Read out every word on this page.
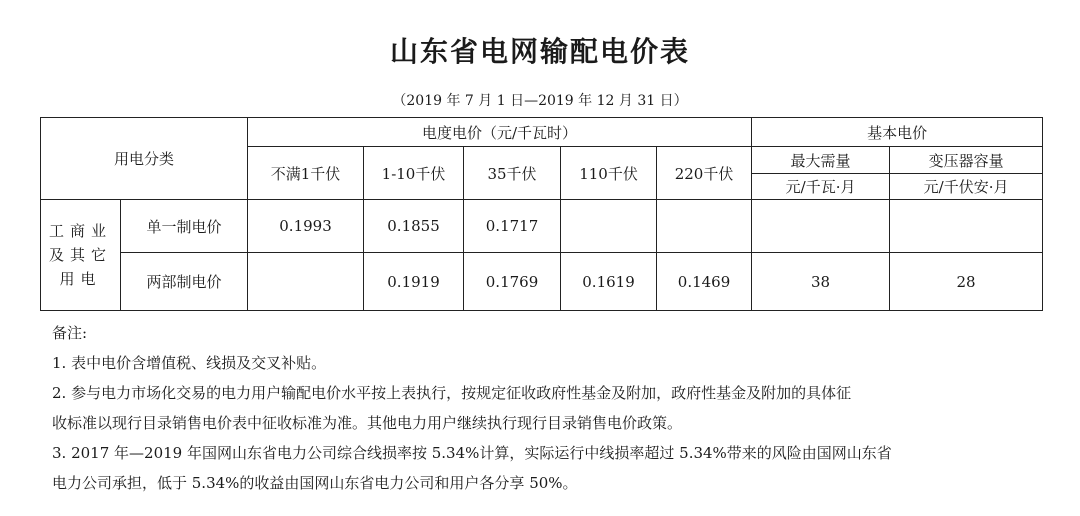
山东省电网输配电价表
（2019 年 7 月 1 日—2019 年 12 月 31 日）
用电分类		电度电价（元/千瓦时）					基本电价	
		不满1千伏	1-10千伏	35千伏	110千伏	220千伏	最大需量	变压器容量
							元/千瓦·月	元/千伏安·月
工商业及其它用电	单一制电价	0.1993	0.1855	0.1717				
	两部制电价		0.1919	0.1769	0.1619	0.1469	38	28
备注:
1. 表中电价含增值税、线损及交叉补贴。
2. 参与电力市场化交易的电力用户输配电价水平按上表执行，按规定征收政府性基金及附加，政府性基金及附加的具体征
收标准以现行目录销售电价表中征收标准为准。其他电力用户继续执行现行目录销售电价政策。
3. 2017 年—2019 年国网山东省电力公司综合线损率按 5.34%计算，实际运行中线损率超过 5.34%带来的风险由国网山东省
电力公司承担，低于 5.34%的收益由国网山东省电力公司和用户各分享 50%。
